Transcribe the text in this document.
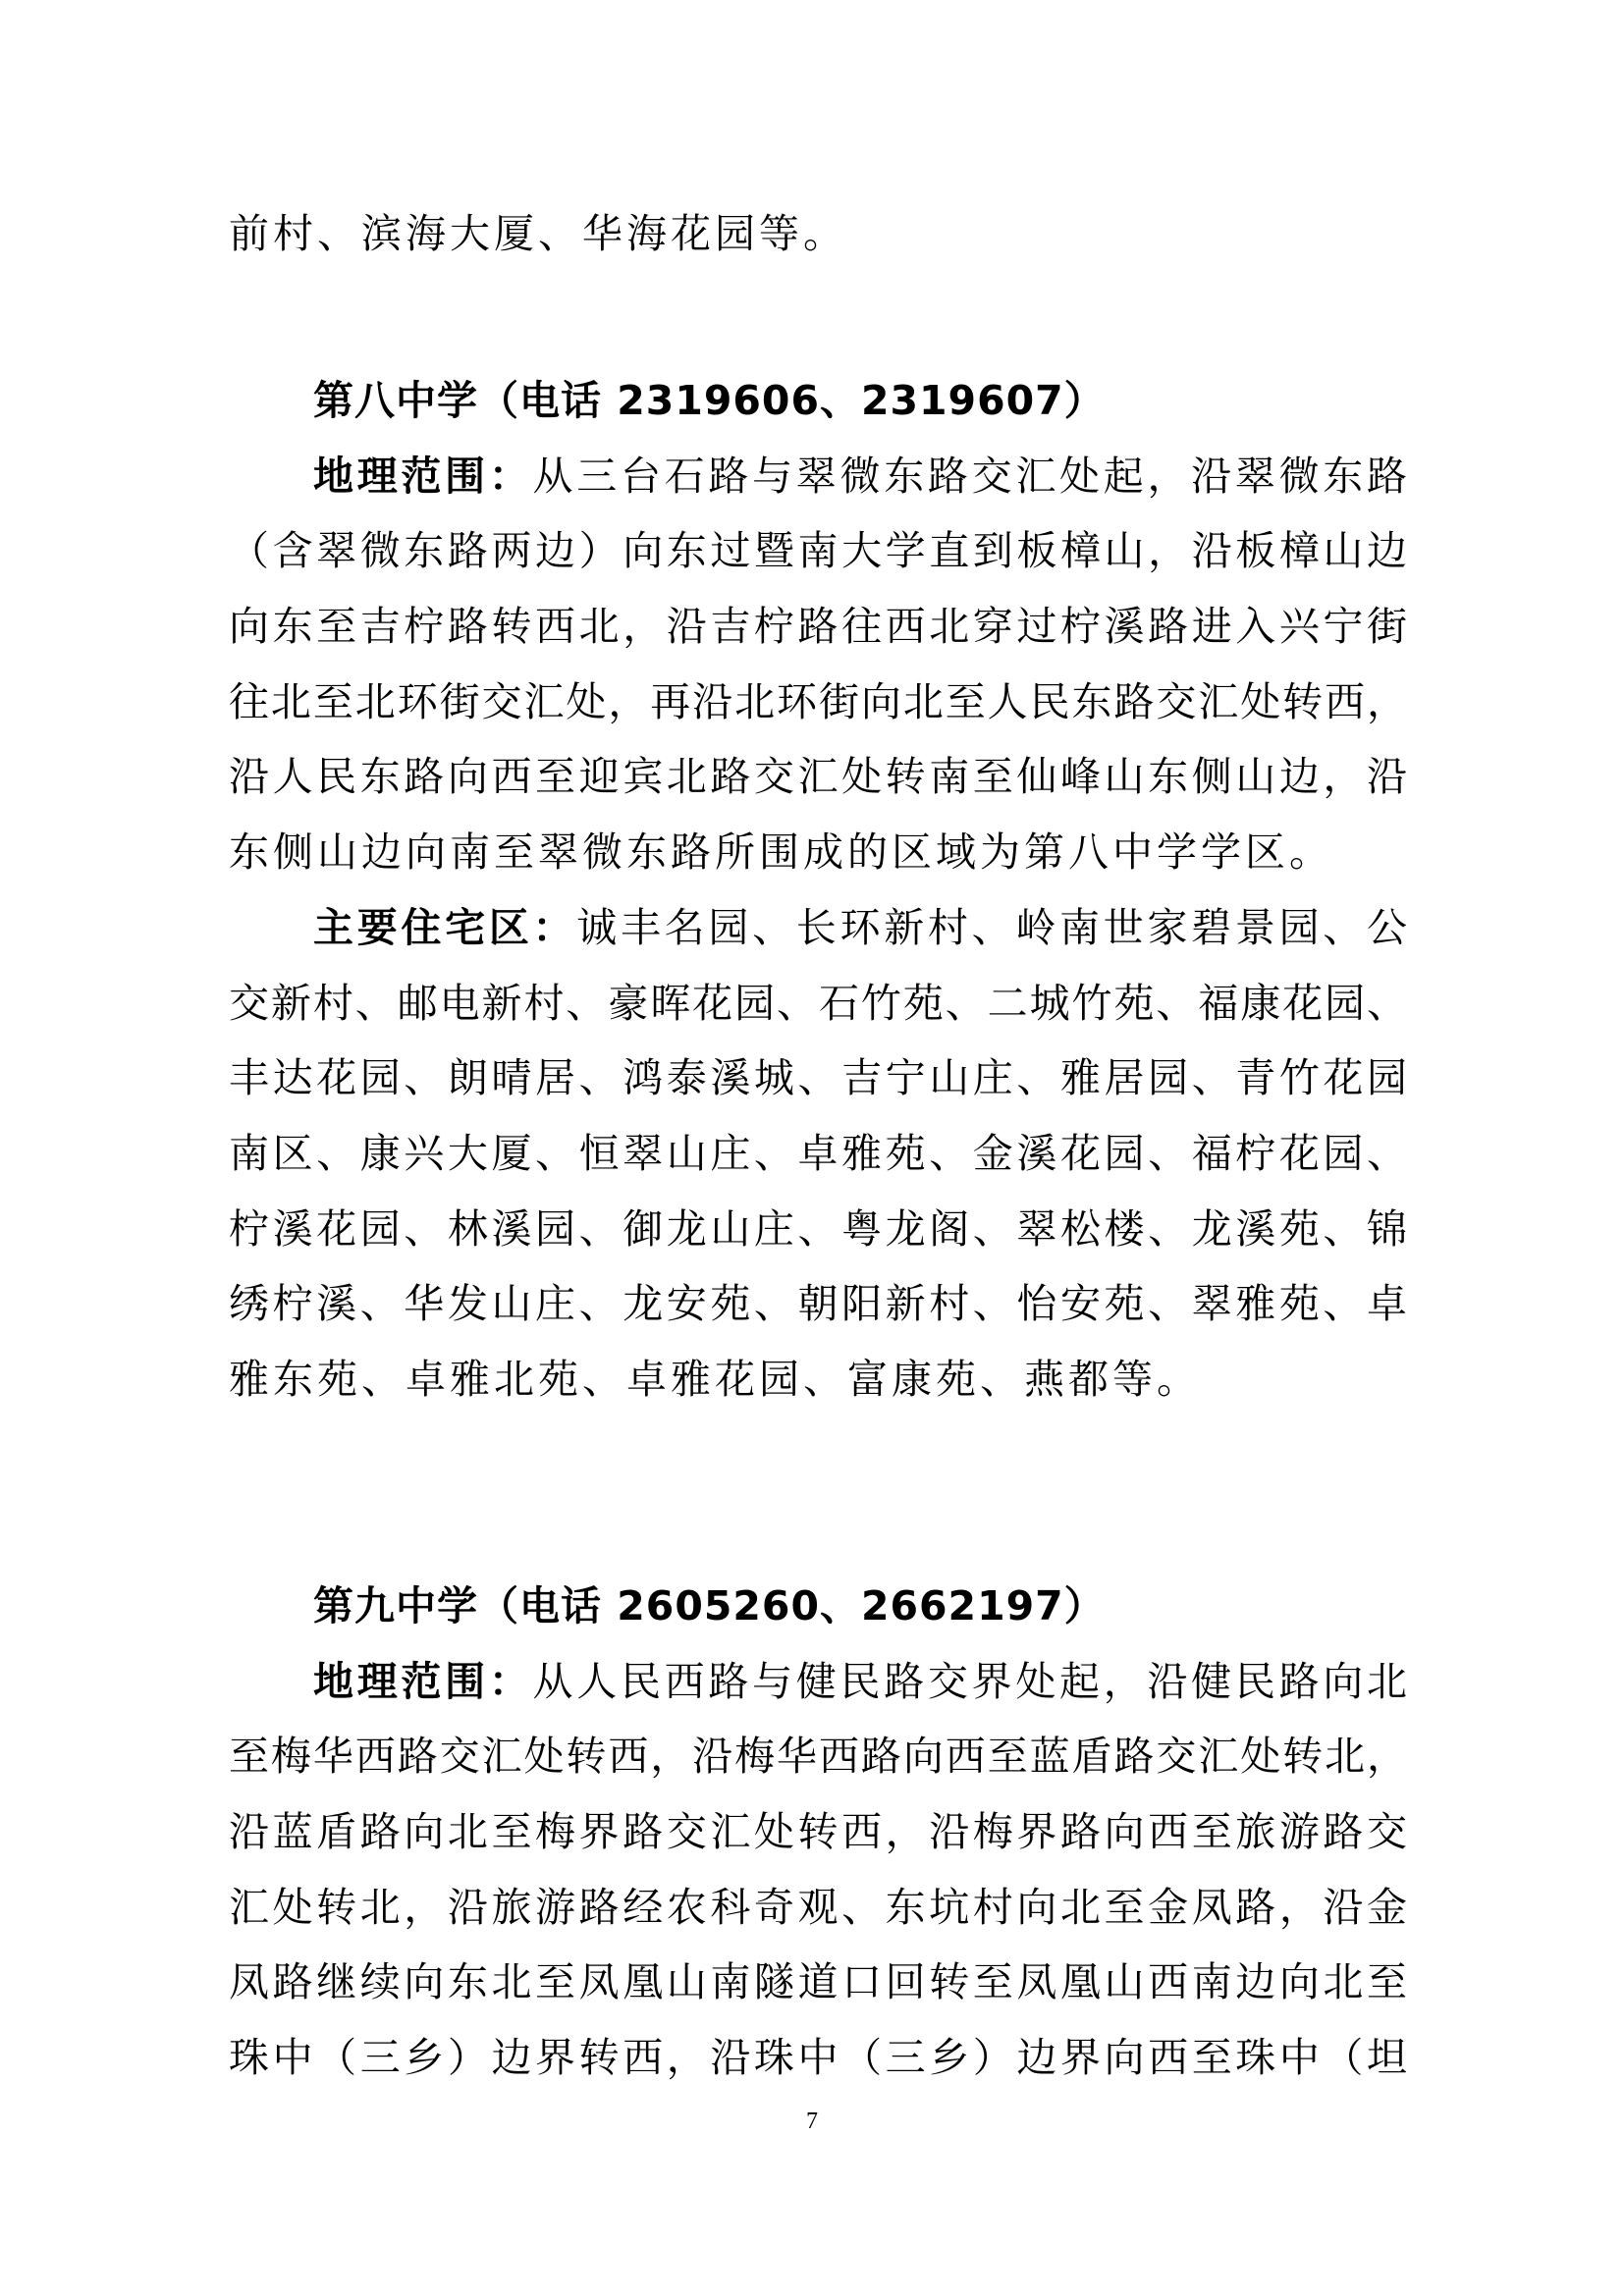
前村、滨海大厦、华海花园等。
第八中学（电话 2319606、2319607）
地理范围：从三台石路与翠微东路交汇处起，沿翠微东路
（含翠微东路两边）向东过暨南大学直到板樟山，沿板樟山边
向东至吉柠路转西北，沿吉柠路往西北穿过柠溪路进入兴宁街
往北至北环街交汇处，再沿北环街向北至人民东路交汇处转西，
沿人民东路向西至迎宾北路交汇处转南至仙峰山东侧山边，沿
东侧山边向南至翠微东路所围成的区域为第八中学学区。
主要住宅区：诚丰名园、长环新村、岭南世家碧景园、公
交新村、邮电新村、豪晖花园、石竹苑、二城竹苑、福康花园、
丰达花园、朗晴居、鸿泰溪城、吉宁山庄、雅居园、青竹花园
南区、康兴大厦、恒翠山庄、卓雅苑、金溪花园、福柠花园、
柠溪花园、林溪园、御龙山庄、粤龙阁、翠松楼、龙溪苑、锦
绣柠溪、华发山庄、龙安苑、朝阳新村、怡安苑、翠雅苑、卓
雅东苑、卓雅北苑、卓雅花园、富康苑、燕都等。
第九中学（电话 2605260、2662197）
地理范围：从人民西路与健民路交界处起，沿健民路向北
至梅华西路交汇处转西，沿梅华西路向西至蓝盾路交汇处转北，
沿蓝盾路向北至梅界路交汇处转西，沿梅界路向西至旅游路交
汇处转北，沿旅游路经农科奇观、东坑村向北至金凤路，沿金
凤路继续向东北至凤凰山南隧道口回转至凤凰山西南边向北至
珠中（三乡）边界转西，沿珠中（三乡）边界向西至珠中（坦
7
